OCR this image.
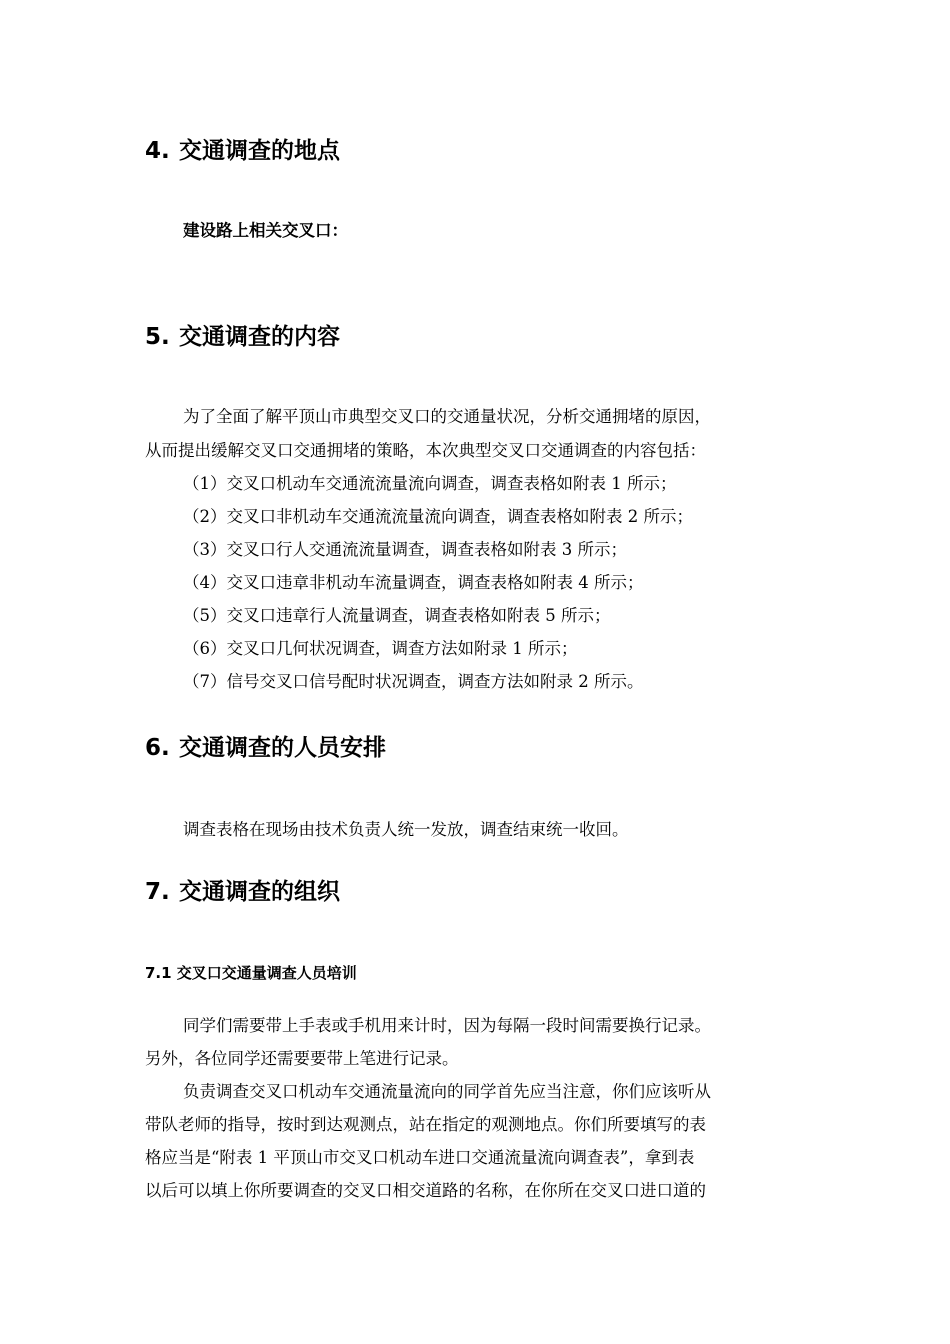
4. 交通调查的地点
建设路上相关交叉口：
5. 交通调查的内容
为了全面了解平顶山市典型交叉口的交通量状况，分析交通拥堵的原因，
从而提出缓解交叉口交通拥堵的策略，本次典型交叉口交通调查的内容包括：
（1）交叉口机动车交通流流量流向调查，调查表格如附表 1 所示；
（2）交叉口非机动车交通流流量流向调查，调查表格如附表 2 所示；
（3）交叉口行人交通流流量调查，调查表格如附表 3 所示；
（4）交叉口违章非机动车流量调查，调查表格如附表 4 所示；
（5）交叉口违章行人流量调查，调查表格如附表 5 所示；
（6）交叉口几何状况调查，调查方法如附录 1 所示；
（7）信号交叉口信号配时状况调查，调查方法如附录 2 所示。
6. 交通调查的人员安排
调查表格在现场由技术负责人统一发放，调查结束统一收回。
7. 交通调查的组织
7.1 交叉口交通量调查人员培训
同学们需要带上手表或手机用来计时，因为每隔一段时间需要换行记录。
另外，各位同学还需要要带上笔进行记录。
负责调查交叉口机动车交通流量流向的同学首先应当注意，你们应该听从
带队老师的指导，按时到达观测点，站在指定的观测地点。你们所要填写的表
格应当是“附表 1 平顶山市交叉口机动车进口交通流量流向调查表”，拿到表
以后可以填上你所要调查的交叉口相交道路的名称，在你所在交叉口进口道的
